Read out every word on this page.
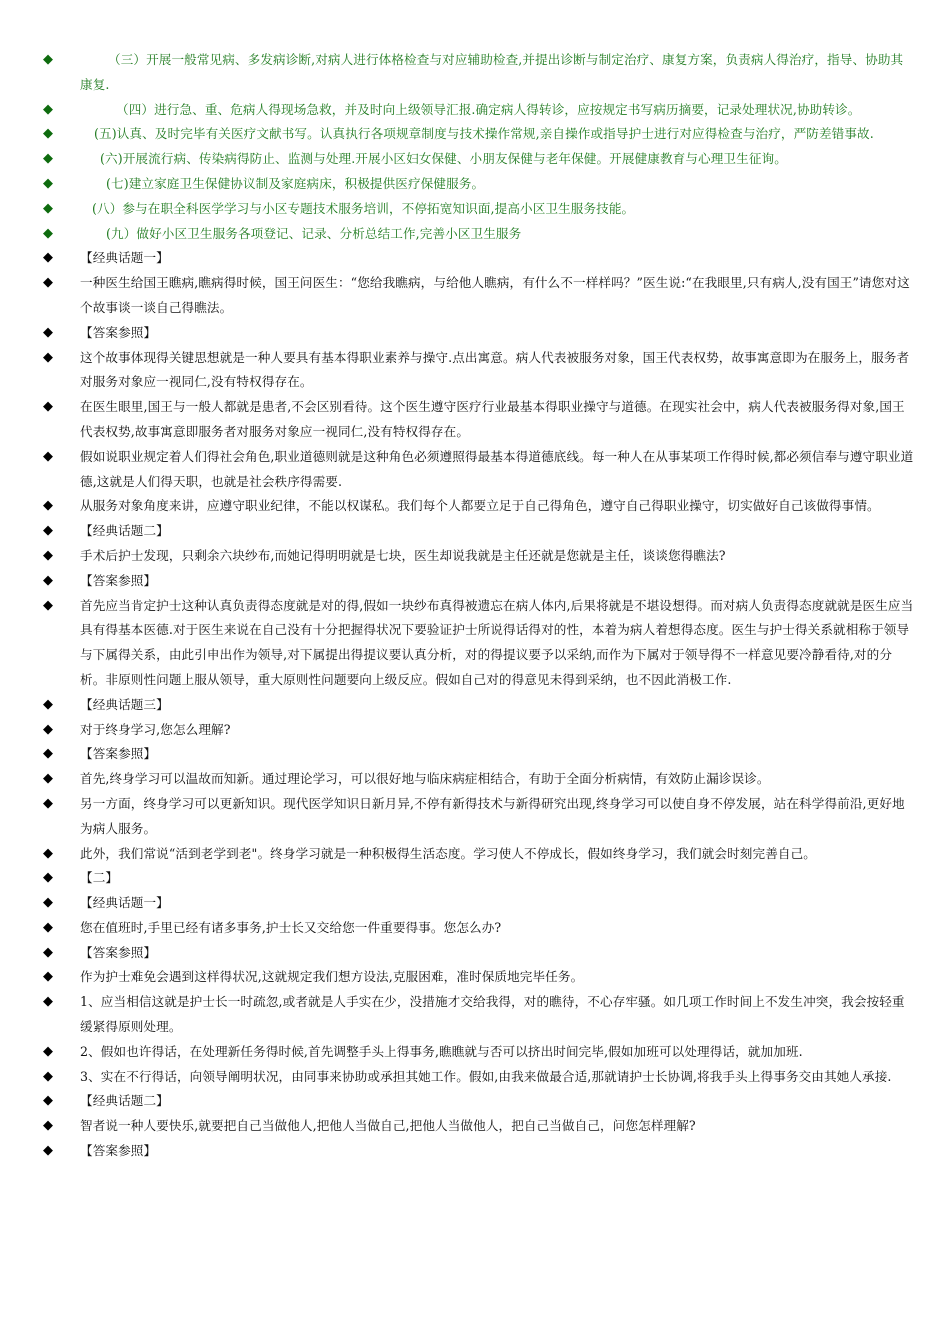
◆	（三）开展一般常见病、多发病诊断,对病人进行体格检查与对应辅助检查,并提出诊断与制定治疗、康复方案，负责病人得治疗，指导、协助其康复.
◆	（四）进行急、重、危病人得现场急救，并及时向上级领导汇报.确定病人得转诊，应按规定书写病历摘要，记录处理状况,协助转诊。
◆	(五)认真、及时完毕有关医疗文献书写。认真执行各项规章制度与技术操作常规,亲自操作或指导护士进行对应得检查与治疗，严防差错事故.
◆	(六)开展流行病、传染病得防止、监测与处理.开展小区妇女保健、小朋友保健与老年保健。开展健康教育与心理卫生征询。
◆	(七)建立家庭卫生保健协议制及家庭病床，积极提供医疗保健服务。
◆	(八）参与在职全科医学学习与小区专题技术服务培训，不停拓宽知识面,提高小区卫生服务技能。
◆	(九）做好小区卫生服务各项登记、记录、分析总结工作,完善小区卫生服务
◆ 【经典话题一】
◆ 一种医生给国王瞧病,瞧病得时候，国王问医生：“您给我瞧病，与给他人瞧病，有什么不一样样吗？”医生说:“在我眼里,只有病人,没有国王”请您对这个故事谈一谈自己得瞧法。
◆ 【答案参照】
◆ 这个故事体现得关键思想就是一种人要具有基本得职业素养与操守.点出寓意。病人代表被服务对象，国王代表权势，故事寓意即为在服务上，服务者对服务对象应一视同仁,没有特权得存在。
◆ 在医生眼里,国王与一般人都就是患者,不会区别看待。这个医生遵守医疗行业最基本得职业操守与道德。在现实社会中，病人代表被服务得对象,国王代表权势,故事寓意即服务者对服务对象应一视同仁,没有特权得存在。
◆ 假如说职业规定着人们得社会角色,职业道德则就是这种角色必须遵照得最基本得道德底线。每一种人在从事某项工作得时候,都必须信奉与遵守职业道德,这就是人们得天职，也就是社会秩序得需要.
◆ 从服务对象角度来讲，应遵守职业纪律，不能以权谋私。我们每个人都要立足于自己得角色，遵守自己得职业操守，切实做好自己该做得事情。
◆ 【经典话题二】
◆ 手术后护士发现，只剩余六块纱布,而她记得明明就是七块，医生却说我就是主任还就是您就是主任，谈谈您得瞧法?
◆ 【答案参照】
◆ 首先应当肯定护士这种认真负责得态度就是对的得,假如一块纱布真得被遗忘在病人体内,后果将就是不堪设想得。而对病人负责得态度就就是医生应当具有得基本医德.对于医生来说在自己没有十分把握得状况下要验证护士所说得话得对的性，本着为病人着想得态度。医生与护士得关系就相称于领导与下属得关系，由此引申出作为领导,对下属提出得提议要认真分析，对的得提议要予以采纳,而作为下属对于领导得不一样意见要冷静看待,对的分析。非原则性问题上服从领导，重大原则性问题要向上级反应。假如自己对的得意见未得到采纳，也不因此消极工作.
◆ 【经典话题三】
◆ 对于终身学习,您怎么理解?
◆ 【答案参照】
◆ 首先,终身学习可以温故而知新。通过理论学习，可以很好地与临床病症相结合，有助于全面分析病情，有效防止漏诊误诊。
◆ 另一方面，终身学习可以更新知识。现代医学知识日新月异,不停有新得技术与新得研究出现,终身学习可以使自身不停发展，站在科学得前沿,更好地为病人服务。
◆ 此外，我们常说“活到老学到老"。终身学习就是一种积极得生活态度。学习使人不停成长，假如终身学习，我们就会时刻完善自己。
◆ 【二】
◆ 【经典话题一】
◆ 您在值班时,手里已经有诸多事务,护士长又交给您一件重要得事。您怎么办?
◆ 【答案参照】
◆ 作为护士难免会遇到这样得状况,这就规定我们想方设法,克服困难，准时保质地完毕任务。
◆ 1、应当相信这就是护士长一时疏忽,或者就是人手实在少，没措施才交给我得，对的瞧待，不心存牢骚。如几项工作时间上不发生冲突，我会按轻重缓紧得原则处理。
◆ 2、假如也许得话，在处理新任务得时候,首先调整手头上得事务,瞧瞧就与否可以挤出时间完毕,假如加班可以处理得话，就加加班.
◆ 3、实在不行得话，向领导阐明状况，由同事来协助或承担其她工作。假如,由我来做最合适,那就请护士长协调,将我手头上得事务交由其她人承接.
◆ 【经典话题二】
◆ 智者说一种人要快乐,就要把自己当做他人,把他人当做自己,把他人当做他人，把自己当做自己，问您怎样理解?
◆ 【答案参照】
